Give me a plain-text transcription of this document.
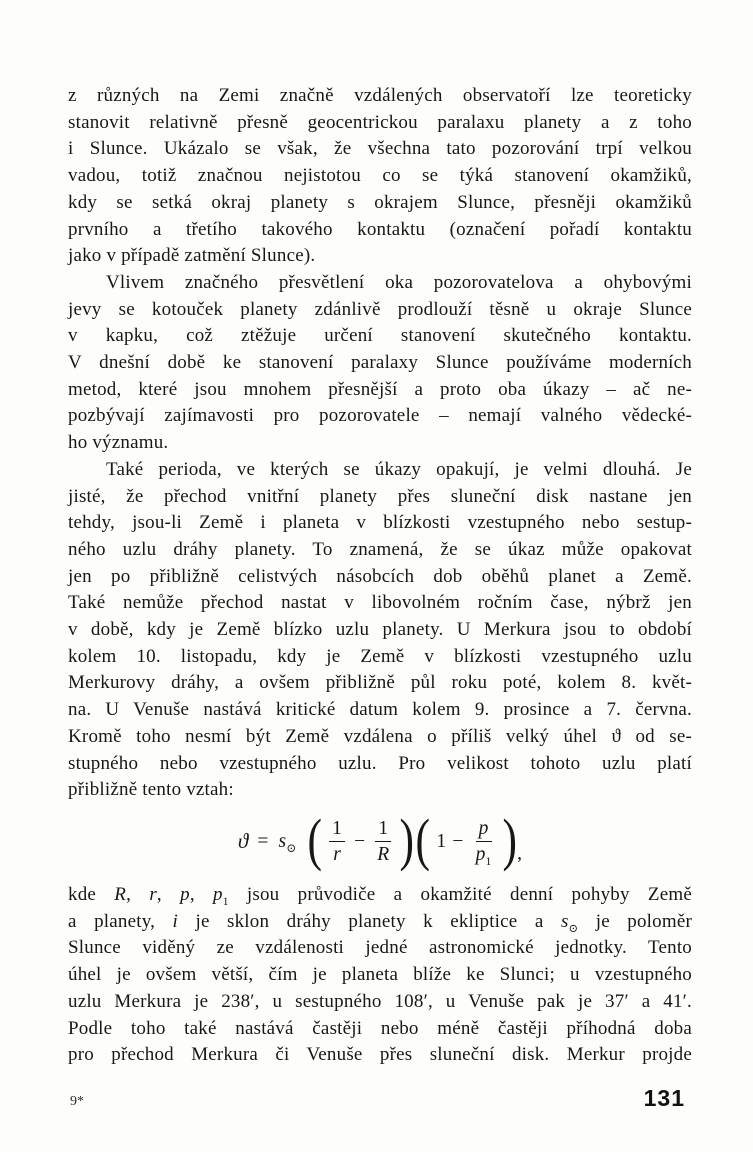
z různých na Zemi značně vzdálených observatoří lze teoreticky
stanovit relativně přesně geocentrickou paralaxu planety a z toho
i Slunce. Ukázalo se však, že všechna tato pozorování trpí velkou
vadou, totiž značnou nejistotou co se týká stanovení okamžiků,
kdy se setká okraj planety s okrajem Slunce, přesněji okamžiků
prvního a třetího takového kontaktu (označení pořadí kontaktu
jako v případě zatmění Slunce).
Vlivem značného přesvětlení oka pozorovatelova a ohybovými
jevy se kotouček planety zdánlivě prodlouží těsně u okraje Slunce
v kapku, což ztěžuje určení stanovení skutečného kontaktu.
V dnešní době ke stanovení paralaxy Slunce používáme moderních
metod, které jsou mnohem přesnější a proto oba úkazy – ač ne-
pozbývají zajímavosti pro pozorovatele – nemají valného vědecké-
ho významu.
Také perioda, ve kterých se úkazy opakují, je velmi dlouhá. Je
jisté, že přechod vnitřní planety přes sluneční disk nastane jen
tehdy, jsou-li Země i planeta v blízkosti vzestupného nebo sestup-
ného uzlu dráhy planety. To znamená, že se úkaz může opakovat
jen po přibližně celistvých násobcích dob oběhů planet a Země.
Také nemůže přechod nastat v libovolném ročním čase, nýbrž jen
v době, kdy je Země blízko uzlu planety. U Merkura jsou to období
kolem 10. listopadu, kdy je Země v blízkosti vzestupného uzlu
Merkurovy dráhy, a ovšem přibližně půl roku poté, kolem 8. květ-
na. U Venuše nastává kritické datum kolem 9. prosince a 7. června.
Kromě toho nesmí být Země vzdálena o příliš velký úhel ϑ od se-
stupného nebo vzestupného uzlu. Pro velikost tohoto uzlu platí
přibližně tento vztah:
$ϑ = s_⊙$ ( $\frac{1}{r} - \frac{1}{R}$ ) ( $1 - \frac{p}{p_1}$ ) ,
kde R, r, p, $p_1$ jsou průvodiče a okamžité denní pohyby Země
a planety, i je sklon dráhy planety k ekliptice a $s_⊙$ je poloměr
Slunce viděný ze vzdálenosti jedné astronomické jednotky. Tento
úhel je ovšem větší, čím je planeta blíže ke Slunci; u vzestupného
uzlu Merkura je 238′, u sestupného 108′, u Venuše pak je 37′ a 41′.
Podle toho také nastává častěji nebo méně častěji příhodná doba
pro přechod Merkura či Venuše přes sluneční disk. Merkur projde
9*	131
